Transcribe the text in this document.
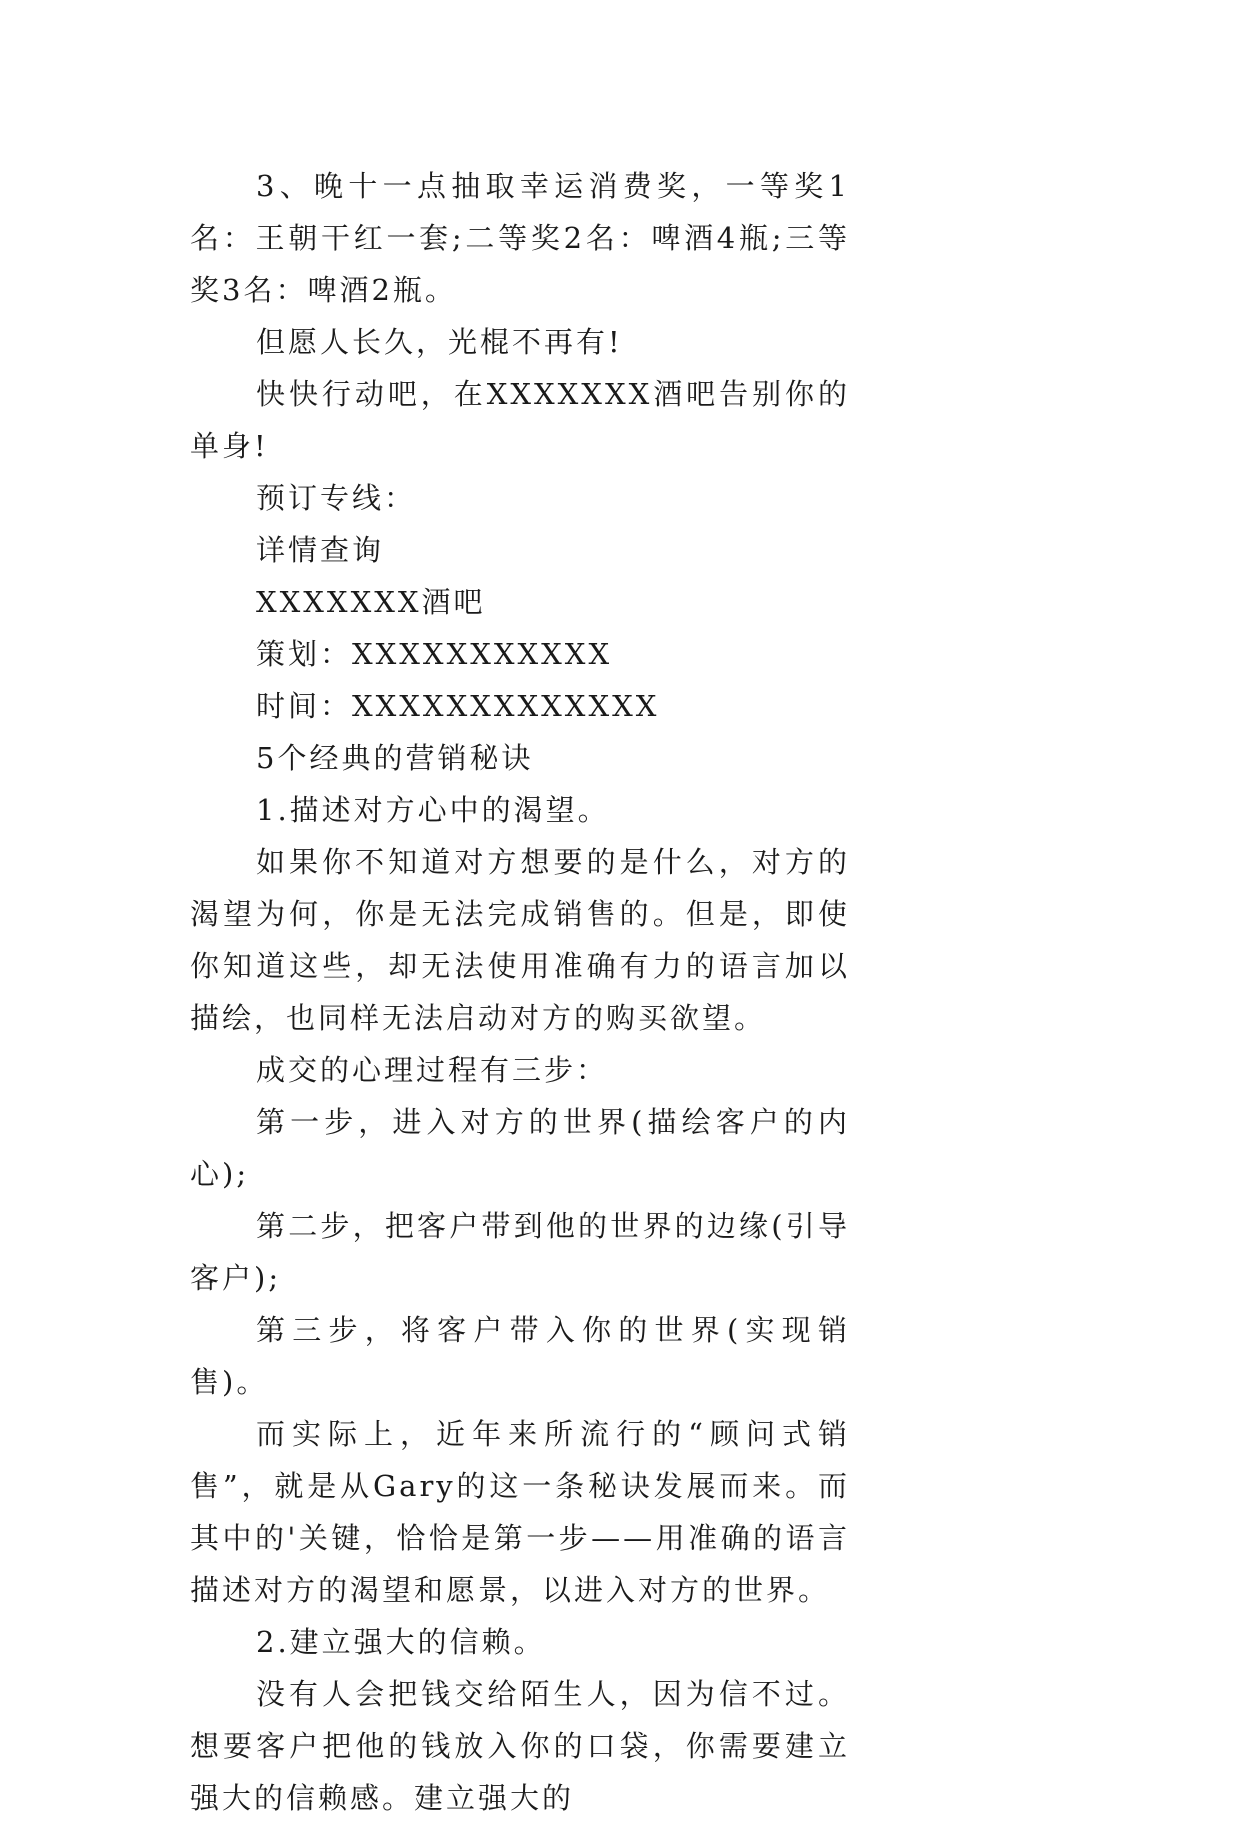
3、晚十一点抽取幸运消费奖，一等奖1名：王朝干红一套;二等奖2名：啤酒4瓶;三等奖3名：啤酒2瓶。

但愿人长久，光棍不再有!

快快行动吧，在XXXXXXX酒吧告别你的单身!

预订专线：

详情查询

XXXXXXX酒吧

策划：XXXXXXXXXXX

时间：XXXXXXXXXXXXX

5个经典的营销秘诀

1.描述对方心中的渴望。

如果你不知道对方想要的是什么，对方的渴望为何，你是无法完成销售的。但是，即使你知道这些，却无法使用准确有力的语言加以描绘，也同样无法启动对方的购买欲望。

成交的心理过程有三步：

第一步，进入对方的世界(描绘客户的内心);

第二步，把客户带到他的世界的边缘(引导客户);

第三步，将客户带入你的世界(实现销售)。

而实际上，近年来所流行的“顾问式销售”，就是从Gary的这一条秘诀发展而来。而其中的'关键，恰恰是第一步——用准确的语言描述对方的渴望和愿景，以进入对方的世界。

2.建立强大的信赖。

没有人会把钱交给陌生人，因为信不过。想要客户把他的钱放入你的口袋，你需要建立强大的信赖感。建立强大的
